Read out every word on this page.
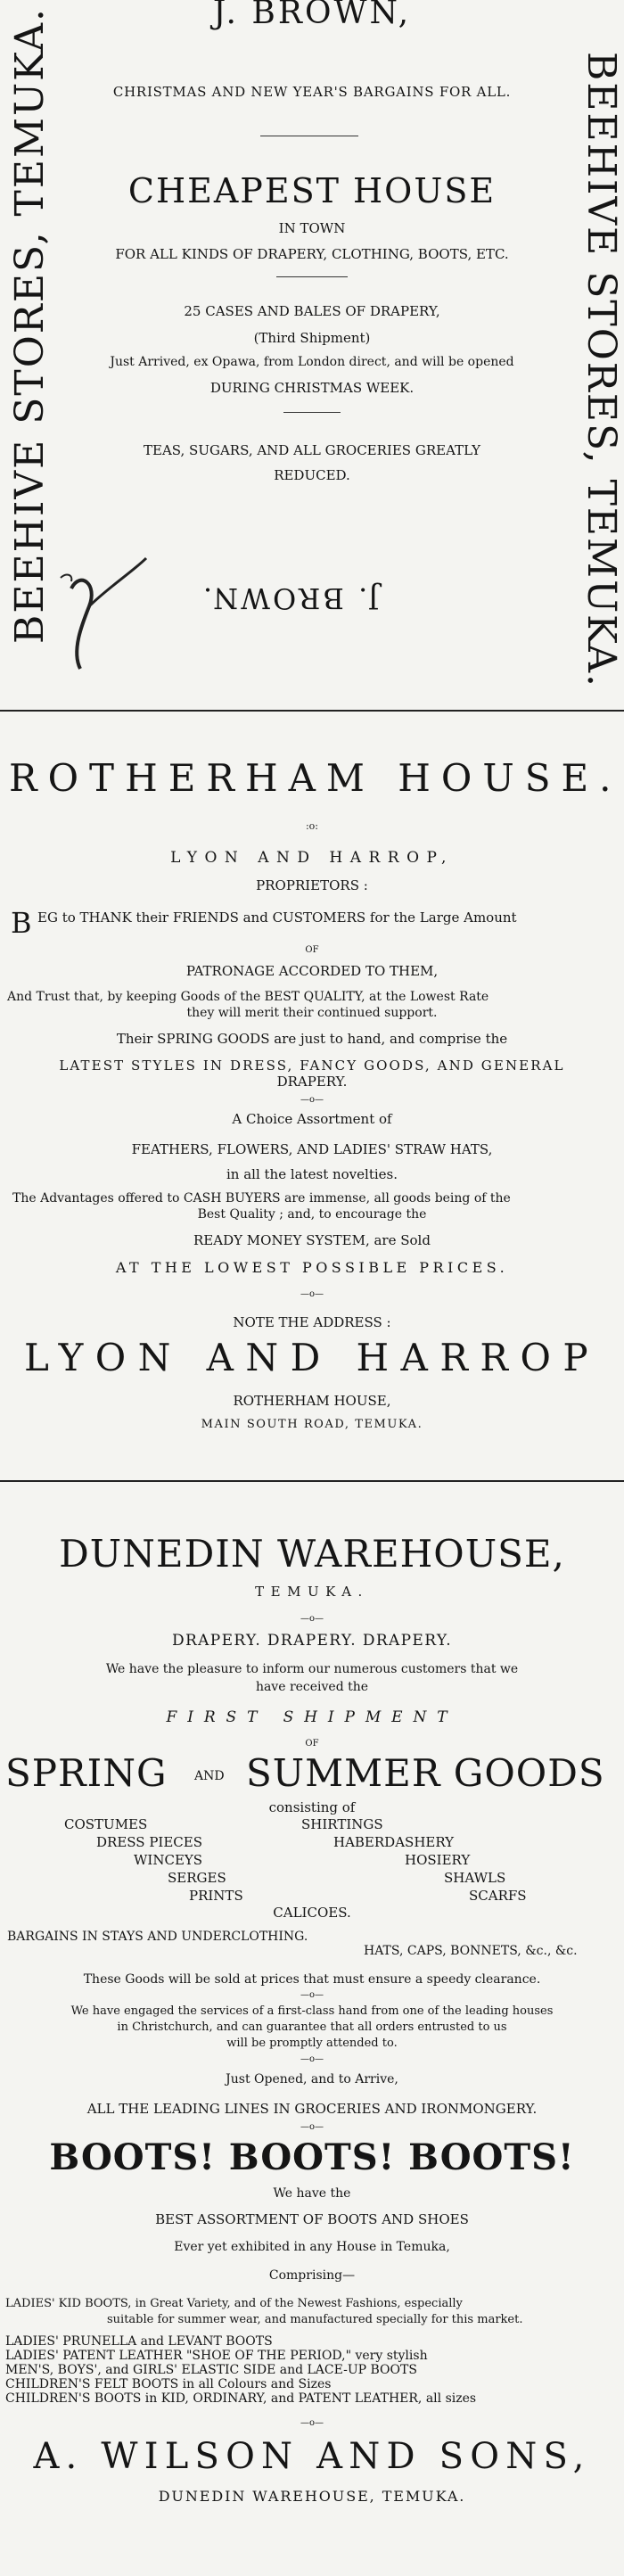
J. BROWN,
CHRISTMAS AND NEW YEAR'S BARGAINS FOR ALL.
BEEHIVE STORES, TEMUKA.	BEEHIVE STORES, TEMUKA.
CHEAPEST HOUSE
IN TOWN
FOR ALL KINDS OF DRAPERY, CLOTHING, BOOTS, ETC.
25 CASES AND BALES OF DRAPERY,
(Third Shipment)
Just Arrived, ex Opawa, from London direct, and will be opened
DURING CHRISTMAS WEEK.
TEAS, SUGARS, AND ALL GROCERIES GREATLY
REDUCED.
J. BROWN.
ROTHERHAM HOUSE.
:o:
LYON AND HARROP,
PROPRIETORS :
B EG to THANK their FRIENDS and CUSTOMERS for the Large Amount
OF
PATRONAGE ACCORDED TO THEM,
And Trust that, by keeping Goods of the BEST QUALITY, at the Lowest Rate
they will merit their continued support.
Their SPRING GOODS are just to hand, and comprise the
LATEST STYLES IN DRESS, FANCY GOODS, AND GENERAL
DRAPERY.
—o—
A Choice Assortment of
FEATHERS, FLOWERS, AND LADIES' STRAW HATS,
in all the latest novelties.
The Advantages offered to CASH BUYERS are immense, all goods being of the
Best Quality ; and, to encourage the
READY MONEY SYSTEM, are Sold
AT THE LOWEST POSSIBLE PRICES.
—o—
NOTE THE ADDRESS :
LYON AND HARROP
ROTHERHAM HOUSE,
MAIN SOUTH ROAD, TEMUKA.
DUNEDIN WAREHOUSE,
TEMUKA.
—o—
DRAPERY. DRAPERY. DRAPERY.
We have the pleasure to inform our numerous customers that we
have received the
FIRST SHIPMENT
OF
SPRING AND SUMMER GOODS
consisting of
COSTUMES
DRESS PIECES
WINCEYS
SERGES
PRINTS
SHIRTINGS
HABERDASHERY
HOSIERY
SHAWLS
SCARFS
CALICOES.
BARGAINS IN STAYS AND UNDERCLOTHING.
HATS, CAPS, BONNETS, &c., &c.
These Goods will be sold at prices that must ensure a speedy clearance.
—o—
We have engaged the services of a first-class hand from one of the leading houses
in Christchurch, and can guarantee that all orders entrusted to us
will be promptly attended to.
—o—
Just Opened, and to Arrive,
ALL THE LEADING LINES IN GROCERIES AND IRONMONGERY.
—o—
BOOTS! BOOTS! BOOTS!
We have the
BEST ASSORTMENT OF BOOTS AND SHOES
Ever yet exhibited in any House in Temuka,
Comprising—
LADIES' KID BOOTS, in Great Variety, and of the Newest Fashions, especially
suitable for summer wear, and manufactured specially for this market.
LADIES' PRUNELLA and LEVANT BOOTS
LADIES' PATENT LEATHER "SHOE OF THE PERIOD," very stylish
MEN'S, BOYS', and GIRLS' ELASTIC SIDE and LACE-UP BOOTS
CHILDREN'S FELT BOOTS in all Colours and Sizes
CHILDREN'S BOOTS in KID, ORDINARY, and PATENT LEATHER, all sizes
—o—
A. WILSON AND SONS,
DUNEDIN WAREHOUSE, TEMUKA.
